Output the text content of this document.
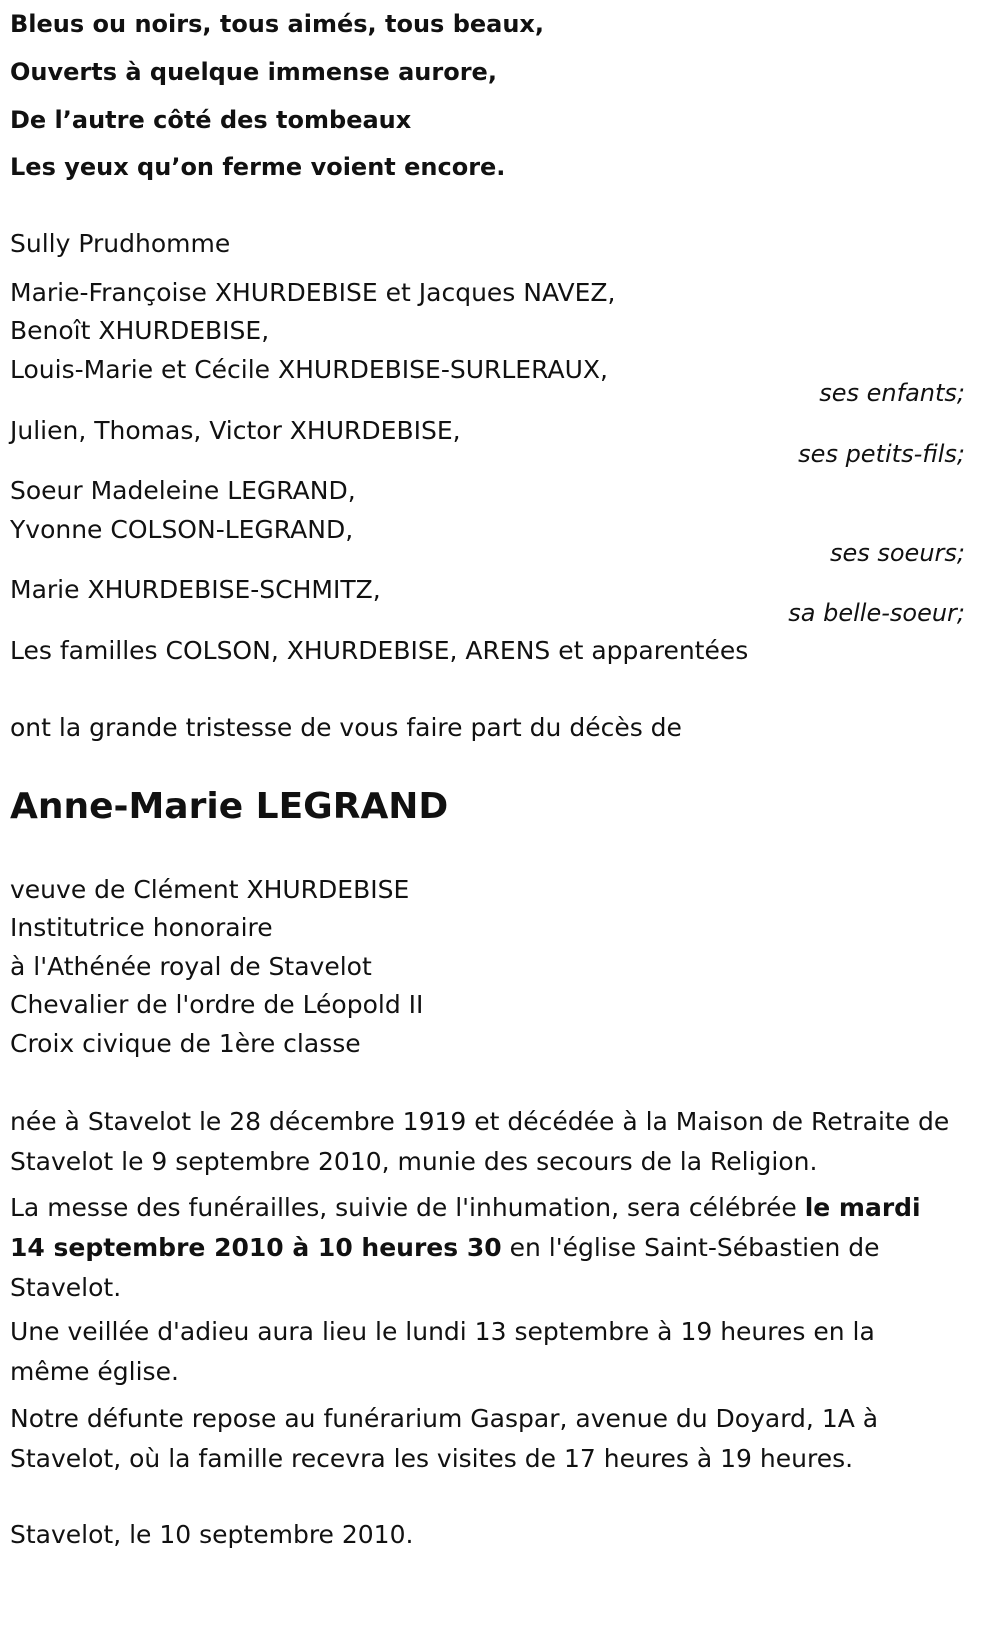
Bleus ou noirs, tous aimés, tous beaux,
Ouverts à quelque immense aurore,
De l’autre côté des tombeaux
Les yeux qu’on ferme voient encore.
Sully Prudhomme
Marie-Françoise XHURDEBISE et Jacques NAVEZ,
Benoît XHURDEBISE,
Louis-Marie et Cécile XHURDEBISE-SURLERAUX,
ses enfants;
Julien, Thomas, Victor XHURDEBISE,
ses petits-fils;
Soeur Madeleine LEGRAND,
Yvonne COLSON-LEGRAND,
ses soeurs;
Marie XHURDEBISE-SCHMITZ,
sa belle-soeur;
Les familles COLSON, XHURDEBISE, ARENS et apparentées
ont la grande tristesse de vous faire part du décès de
Anne-Marie LEGRAND
veuve de Clément XHURDEBISE
Institutrice honoraire
à l'Athénée royal de Stavelot
Chevalier de l'ordre de Léopold II
Croix civique de 1ère classe
née à Stavelot le 28 décembre 1919 et décédée à la Maison de Retraite de Stavelot le 9 septembre 2010, munie des secours de la Religion.
La messe des funérailles, suivie de l'inhumation, sera célébrée le mardi 14 septembre 2010 à 10 heures 30 en l'église Saint-Sébastien de Stavelot.
Une veillée d'adieu aura lieu le lundi 13 septembre à 19 heures en la même église.
Notre défunte repose au funérarium Gaspar, avenue du Doyard, 1A à Stavelot, où la famille recevra les visites de 17 heures à 19 heures.
Stavelot, le 10 septembre 2010.
